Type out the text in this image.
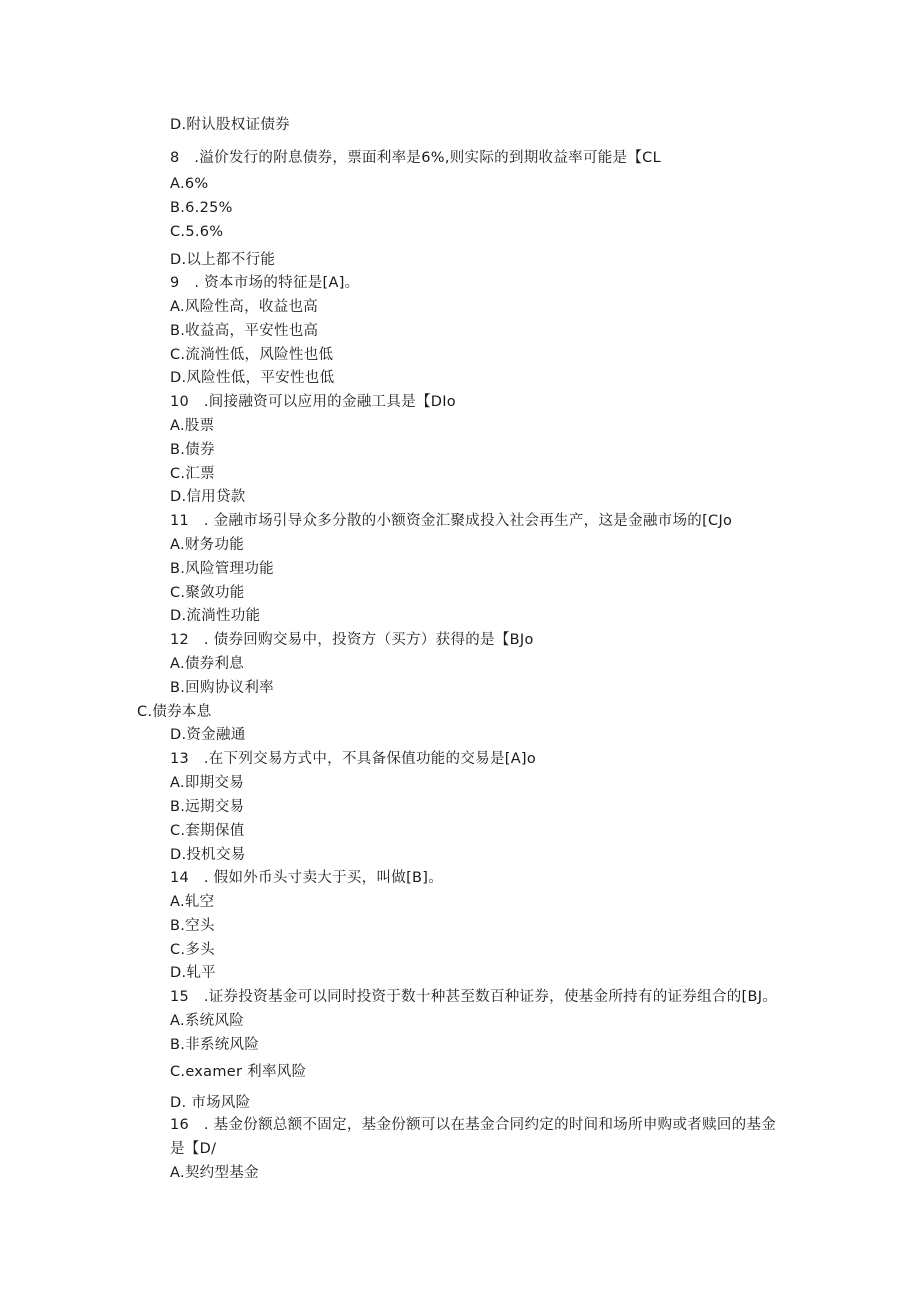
D.附认股权证债券
8　.溢价发行的附息债券，票面利率是6%,则实际的到期收益率可能是【CL
A.6%
B.6.25%
C.5.6%
D.以上都不行能
9　. 资本市场的特征是[A]。
A.风险性高，收益也高
B.收益高，平安性也高
C.流淌性低，风险性也低
D.风险性低，平安性也低
10　.间接融资可以应用的金融工具是【DIo
A.股票
B.债券
C.汇票
D.信用贷款
11　. 金融市场引导众多分散的小额资金汇聚成投入社会再生产，这是金融市场的[CJo
A.财务功能
B.风险管理功能
C.聚敛功能
D.流淌性功能
12　. 债券回购交易中，投资方（买方）获得的是【BJo
A.债券利息
B.回购协议利率
C.债券本息
D.资金融通
13　.在下列交易方式中，不具备保值功能的交易是[A]o
A.即期交易
B.远期交易
C.套期保值
D.投机交易
14　. 假如外币头寸卖大于买，叫做[B]。
A.轧空
B.空头
C.多头
D.轧平
15　.证券投资基金可以同时投资于数十种甚至数百种证券，使基金所持有的证券组合的[BJ。
A.系统风险
B.非系统风险
C.examer 利率风险
D. 市场风险
16　. 基金份额总额不固定，基金份额可以在基金合同约定的时间和场所申购或者赎回的基金是【D/
A.契约型基金
